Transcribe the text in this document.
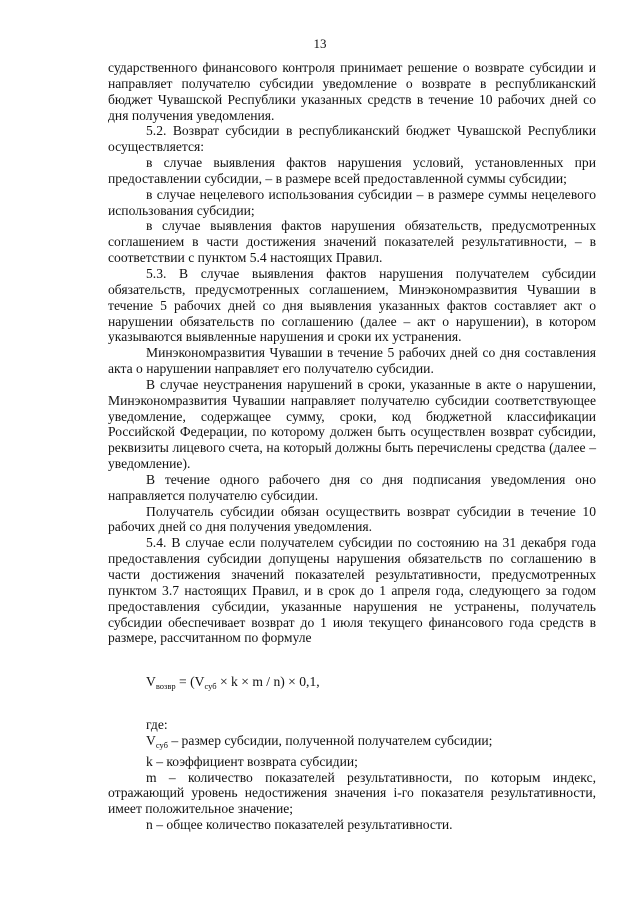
13

сударственного финансового контроля принимает решение о возврате субсидии и направляет получателю субсидии уведомление о возврате в республиканский бюджет Чувашской Республики указанных средств в течение 10 рабочих дней со дня получения уведомления.

5.2. Возврат субсидии в республиканский бюджет Чувашской Республики осуществляется:

в случае выявления фактов нарушения условий, установленных при предоставлении субсидии, – в размере всей предоставленной суммы субсидии;

в случае нецелевого использования субсидии – в размере суммы нецелевого использования субсидии;

в случае выявления фактов нарушения обязательств, предусмотренных соглашением в части достижения значений показателей результативности, – в соответствии с пунктом 5.4 настоящих Правил.

5.3. В случае выявления фактов нарушения получателем субсидии обязательств, предусмотренных соглашением, Минэкономразвития Чувашии в течение 5 рабочих дней со дня выявления указанных фактов составляет акт о нарушении обязательств по соглашению (далее – акт о нарушении), в котором указываются выявленные нарушения и сроки их устранения.

Минэкономразвития Чувашии в течение 5 рабочих дней со дня составления акта о нарушении направляет его получателю субсидии.

В случае неустранения нарушений в сроки, указанные в акте о нарушении, Минэкономразвития Чувашии направляет получателю субсидии соответствующее уведомление, содержащее сумму, сроки, код бюджетной классификации Российской Федерации, по которому должен быть осуществлен возврат субсидии, реквизиты лицевого счета, на который должны быть перечислены средства (далее – уведомление).

В течение одного рабочего дня со дня подписания уведомления оно направляется получателю субсидии.

Получатель субсидии обязан осуществить возврат субсидии в течение 10 рабочих дней со дня получения уведомления.

5.4. В случае если получателем субсидии по состоянию на 31 декабря года предоставления субсидии допущены нарушения обязательств по соглашению в части достижения значений показателей результативности, предусмотренных пунктом 3.7 настоящих Правил, и в срок до 1 апреля года, следующего за годом предоставления субсидии, указанные нарушения не устранены, получатель субсидии обеспечивает возврат до 1 июля текущего финансового года средств в размере, рассчитанном по формуле

$V_{возвр} = (V_{суб} \times k \times m / n) \times 0,1$,

где:

$V_{суб}$ – размер субсидии, полученной получателем субсидии;

k – коэффициент возврата субсидии;

m – количество показателей результативности, по которым индекс, отражающий уровень недостижения значения i-го показателя результативности, имеет положительное значение;

n – общее количество показателей результативности.
